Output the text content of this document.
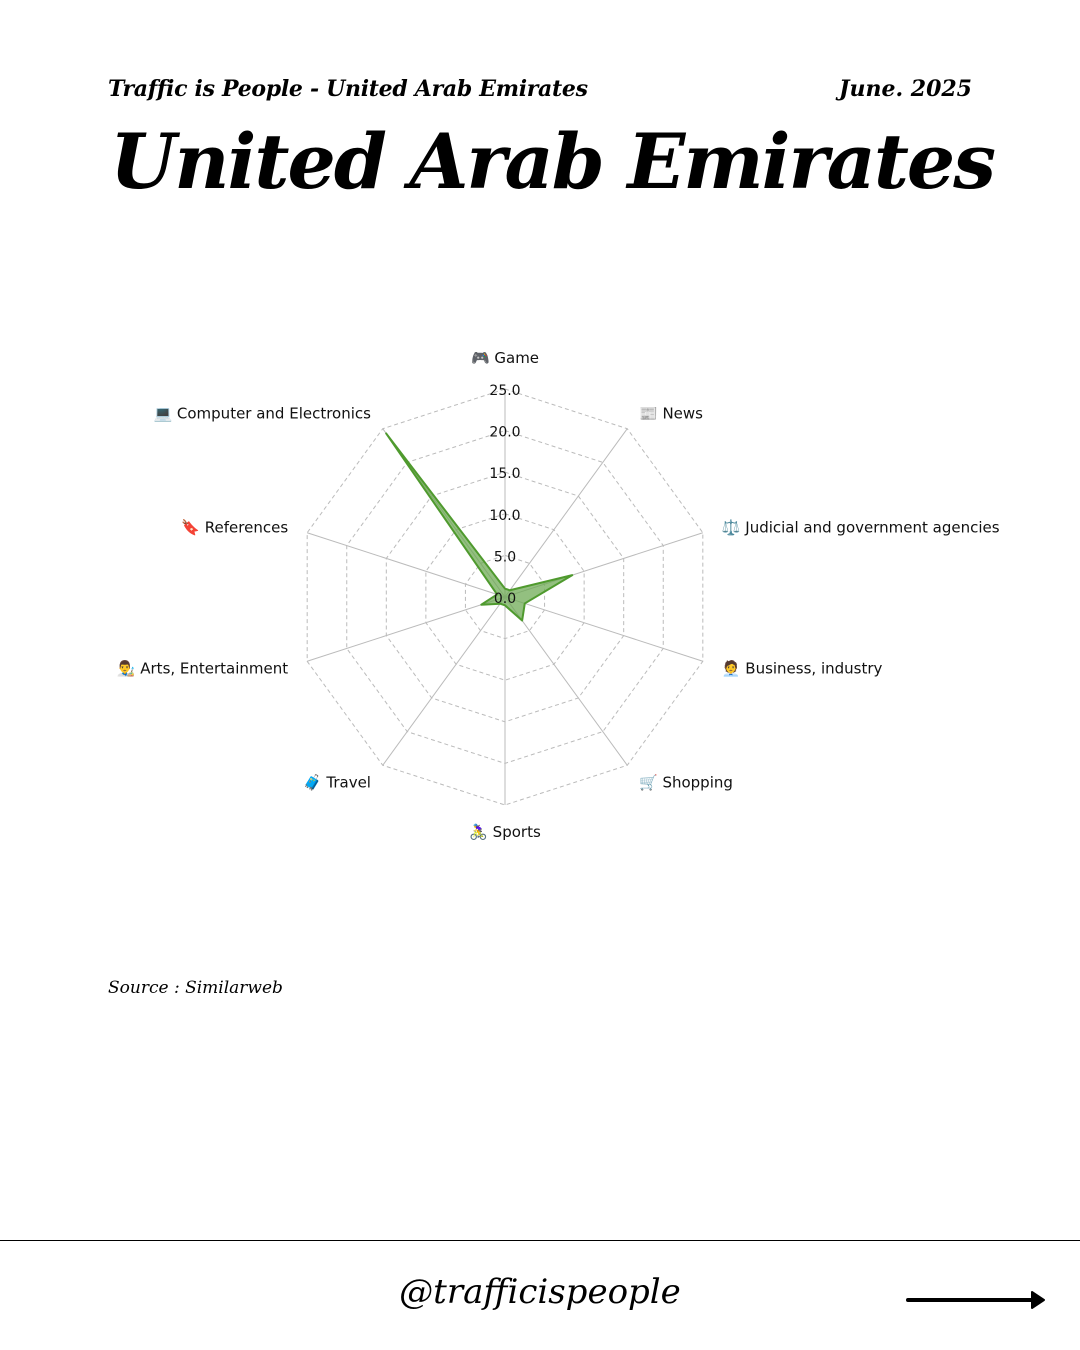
Traffic is People - United Arab Emirates	June. 2025
United Arab Emirates
0.0
5.0
10.0
15.0
20.0
25.0
🎮 Game
📰 News
⚖️ Judicial and government agencies
🧑‍💼 Business, industry
🛒 Shopping
🚴‍♀️ Sports
🧳 Travel
👨‍🎨 Arts, Entertainment
🔖 References
💻 Computer and Electronics
Source : Similarweb
@trafficispeople
